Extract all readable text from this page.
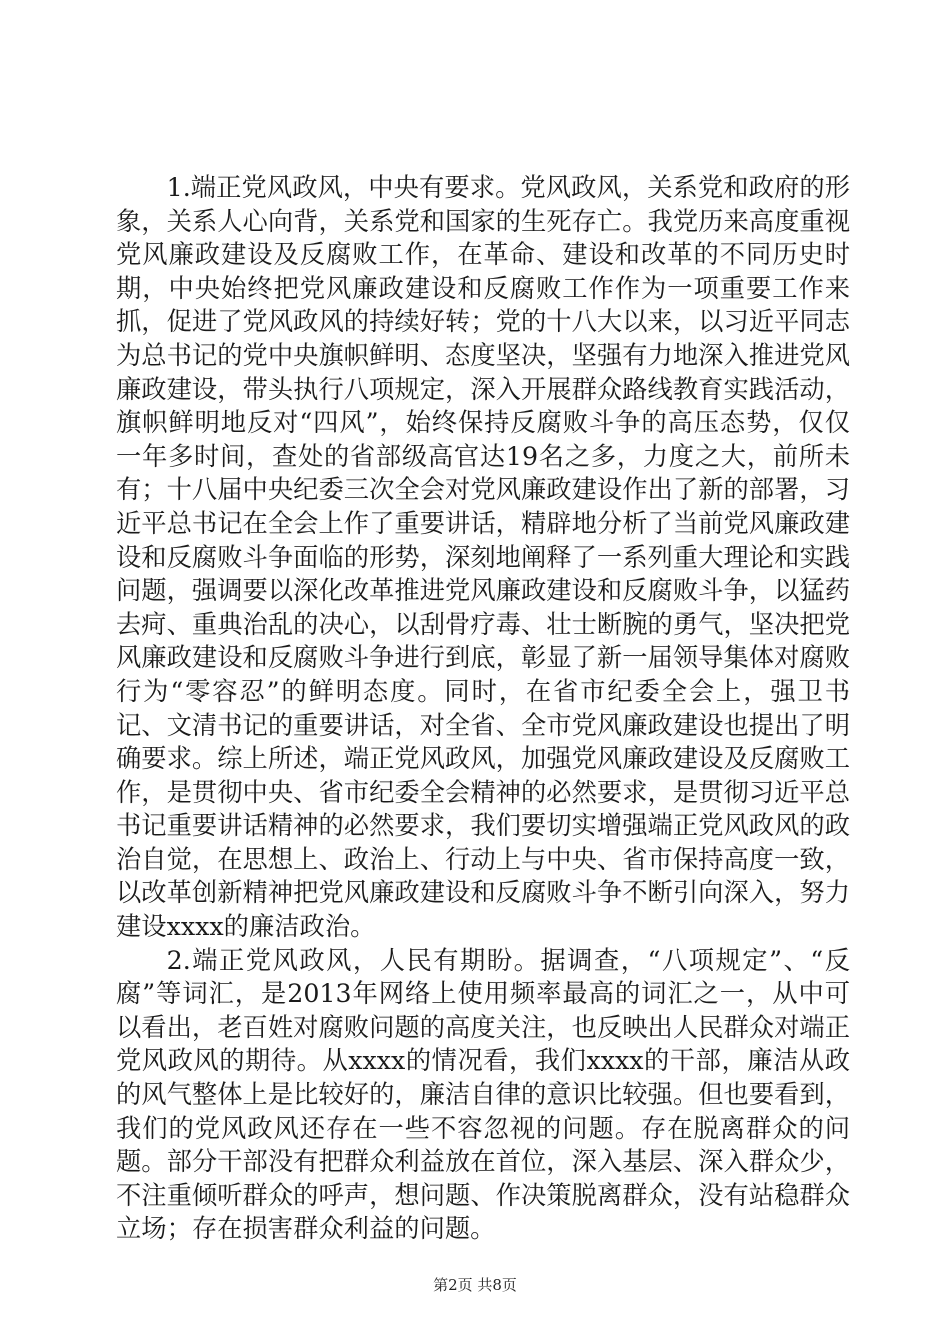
1.端正党风政风，中央有要求。党风政风，关系党和政府的形象，关系人心向背，关系党和国家的生死存亡。我党历来高度重视党风廉政建设及反腐败工作，在革命、建设和改革的不同历史时期，中央始终把党风廉政建设和反腐败工作作为一项重要工作来抓，促进了党风政风的持续好转；党的十八大以来，以习近平同志为总书记的党中央旗帜鲜明、态度坚决，坚强有力地深入推进党风廉政建设，带头执行八项规定，深入开展群众路线教育实践活动，旗帜鲜明地反对“四风”，始终保持反腐败斗争的高压态势，仅仅一年多时间，查处的省部级高官达19名之多，力度之大，前所未有；十八届中央纪委三次全会对党风廉政建设作出了新的部署，习近平总书记在全会上作了重要讲话，精辟地分析了当前党风廉政建设和反腐败斗争面临的形势，深刻地阐释了一系列重大理论和实践问题，强调要以深化改革推进党风廉政建设和反腐败斗争，以猛药去疴、重典治乱的决心，以刮骨疗毒、壮士断腕的勇气，坚决把党风廉政建设和反腐败斗争进行到底，彰显了新一届领导集体对腐败行为“零容忍”的鲜明态度。同时，在省市纪委全会上，强卫书记、文清书记的重要讲话，对全省、全市党风廉政建设也提出了明确要求。综上所述，端正党风政风，加强党风廉政建设及反腐败工作，是贯彻中央、省市纪委全会精神的必然要求，是贯彻习近平总书记重要讲话精神的必然要求，我们要切实增强端正党风政风的政治自觉，在思想上、政治上、行动上与中央、省市保持高度一致，以改革创新精神把党风廉政建设和反腐败斗争不断引向深入，努力建设xxxx的廉洁政治。

2.端正党风政风，人民有期盼。据调查，“八项规定”、“反腐”等词汇，是2013年网络上使用频率最高的词汇之一，从中可以看出，老百姓对腐败问题的高度关注，也反映出人民群众对端正党风政风的期待。从xxxx的情况看，我们xxxx的干部，廉洁从政的风气整体上是比较好的，廉洁自律的意识比较强。但也要看到，我们的党风政风还存在一些不容忽视的问题。存在脱离群众的问题。部分干部没有把群众利益放在首位，深入基层、深入群众少，不注重倾听群众的呼声，想问题、作决策脱离群众，没有站稳群众立场；存在损害群众利益的问题。

第2页 共8页
